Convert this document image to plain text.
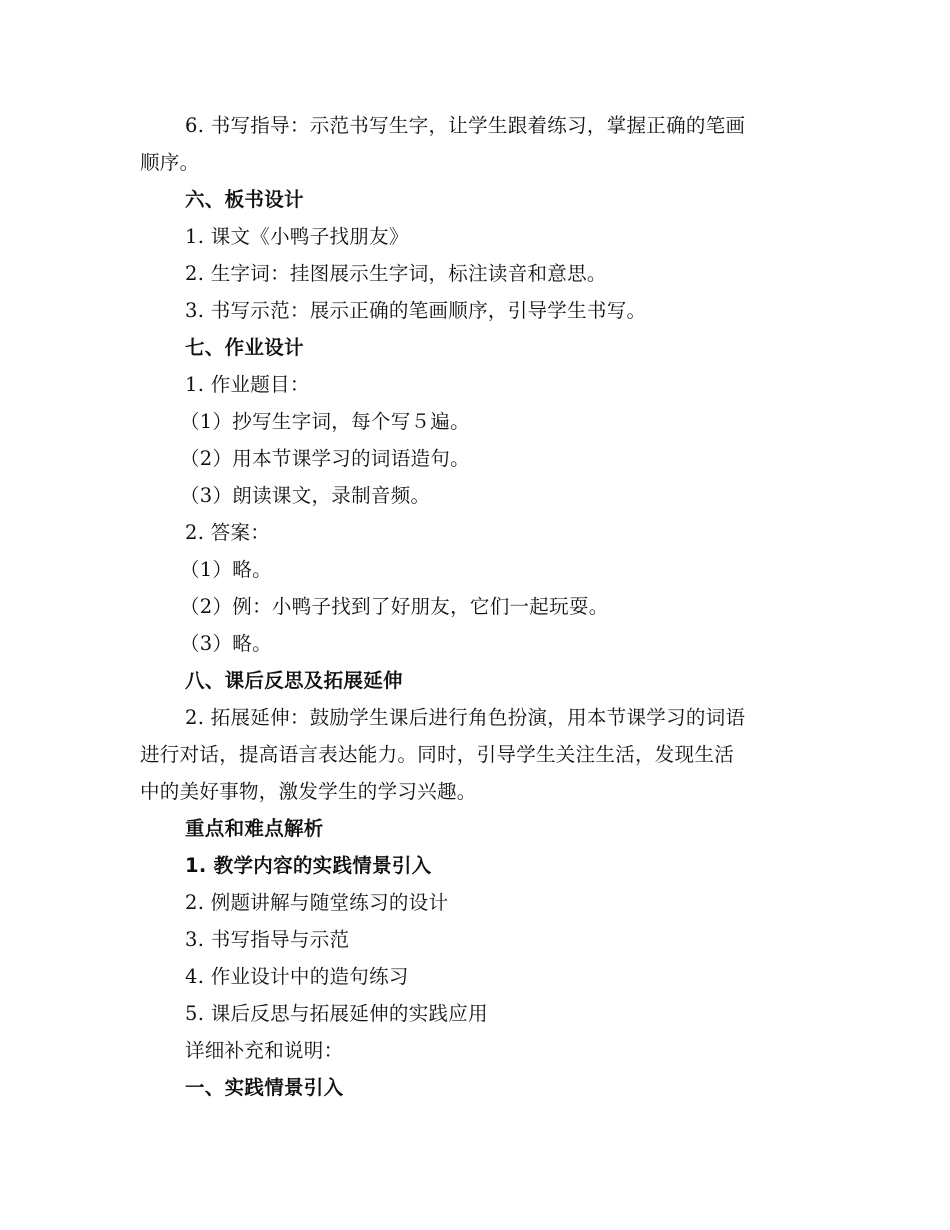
6. 书写指导：示范书写生字，让学生跟着练习，掌握正确的笔画
顺序。
六、板书设计
1. 课文《小鸭子找朋友》
2. 生字词：挂图展示生字词，标注读音和意思。
3. 书写示范：展示正确的笔画顺序，引导学生书写。
七、作业设计
1. 作业题目：
（1）抄写生字词，每个写５遍。
（2）用本节课学习的词语造句。
（3）朗读课文，录制音频。
2. 答案：
（1）略。
（2）例：小鸭子找到了好朋友，它们一起玩耍。
（3）略。
八、课后反思及拓展延伸
2. 拓展延伸：鼓励学生课后进行角色扮演，用本节课学习的词语
进行对话，提高语言表达能力。同时，引导学生关注生活，发现生活
中的美好事物，激发学生的学习兴趣。
重点和难点解析
1. 教学内容的实践情景引入
2. 例题讲解与随堂练习的设计
3. 书写指导与示范
4. 作业设计中的造句练习
5. 课后反思与拓展延伸的实践应用
详细补充和说明：
一、实践情景引入
